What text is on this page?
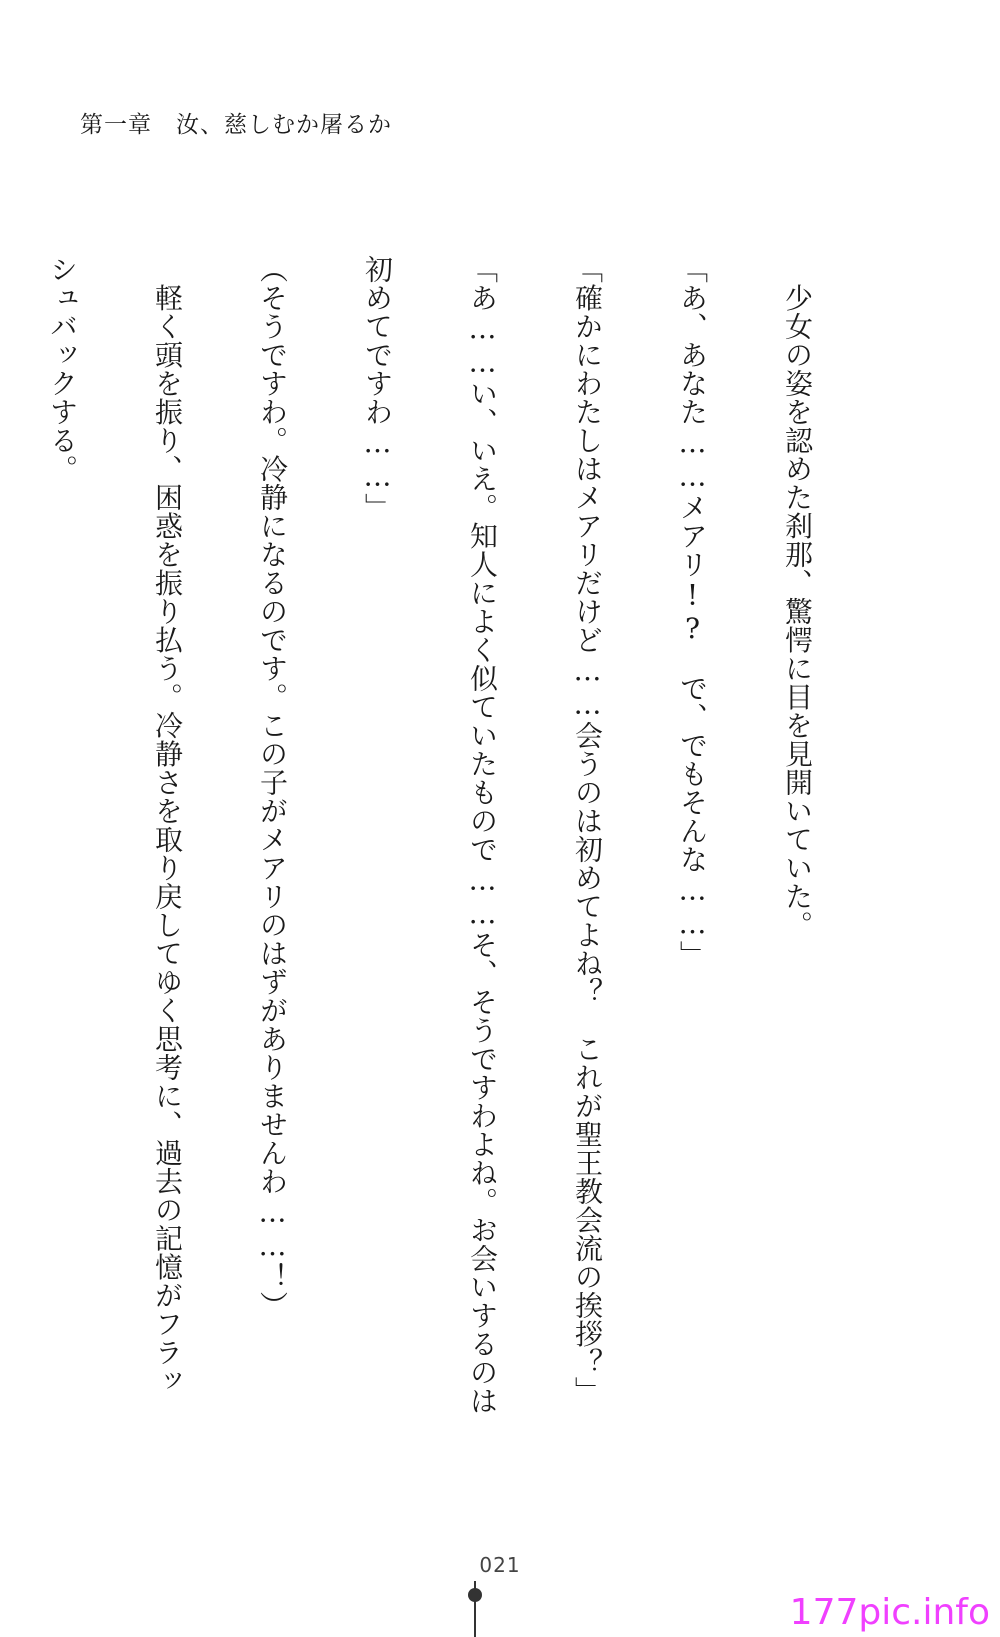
第一章　汝、慈しむか屠るか

　少女の姿を認めた刹那、驚愕に目を見開いていた。

「あ、あなた……メアリ!?　で、でもそんな……」

「確かにわたしはメアリだけど……会うのは初めてよね？　これが聖王教会流の挨拶？」

「あ……い、いえ。知人によく似ていたもので……そ、そうですわよね。お会いするのは

初めてですわ……」

（そうですわ。冷静になるのです。この子がメアリのはずがありませんわ……！）

　軽く頭を振り、困惑を振り払う。冷静さを取り戻してゆく思考に、過去の記憶がフラッ

シュバックする。

021
177pic.info
